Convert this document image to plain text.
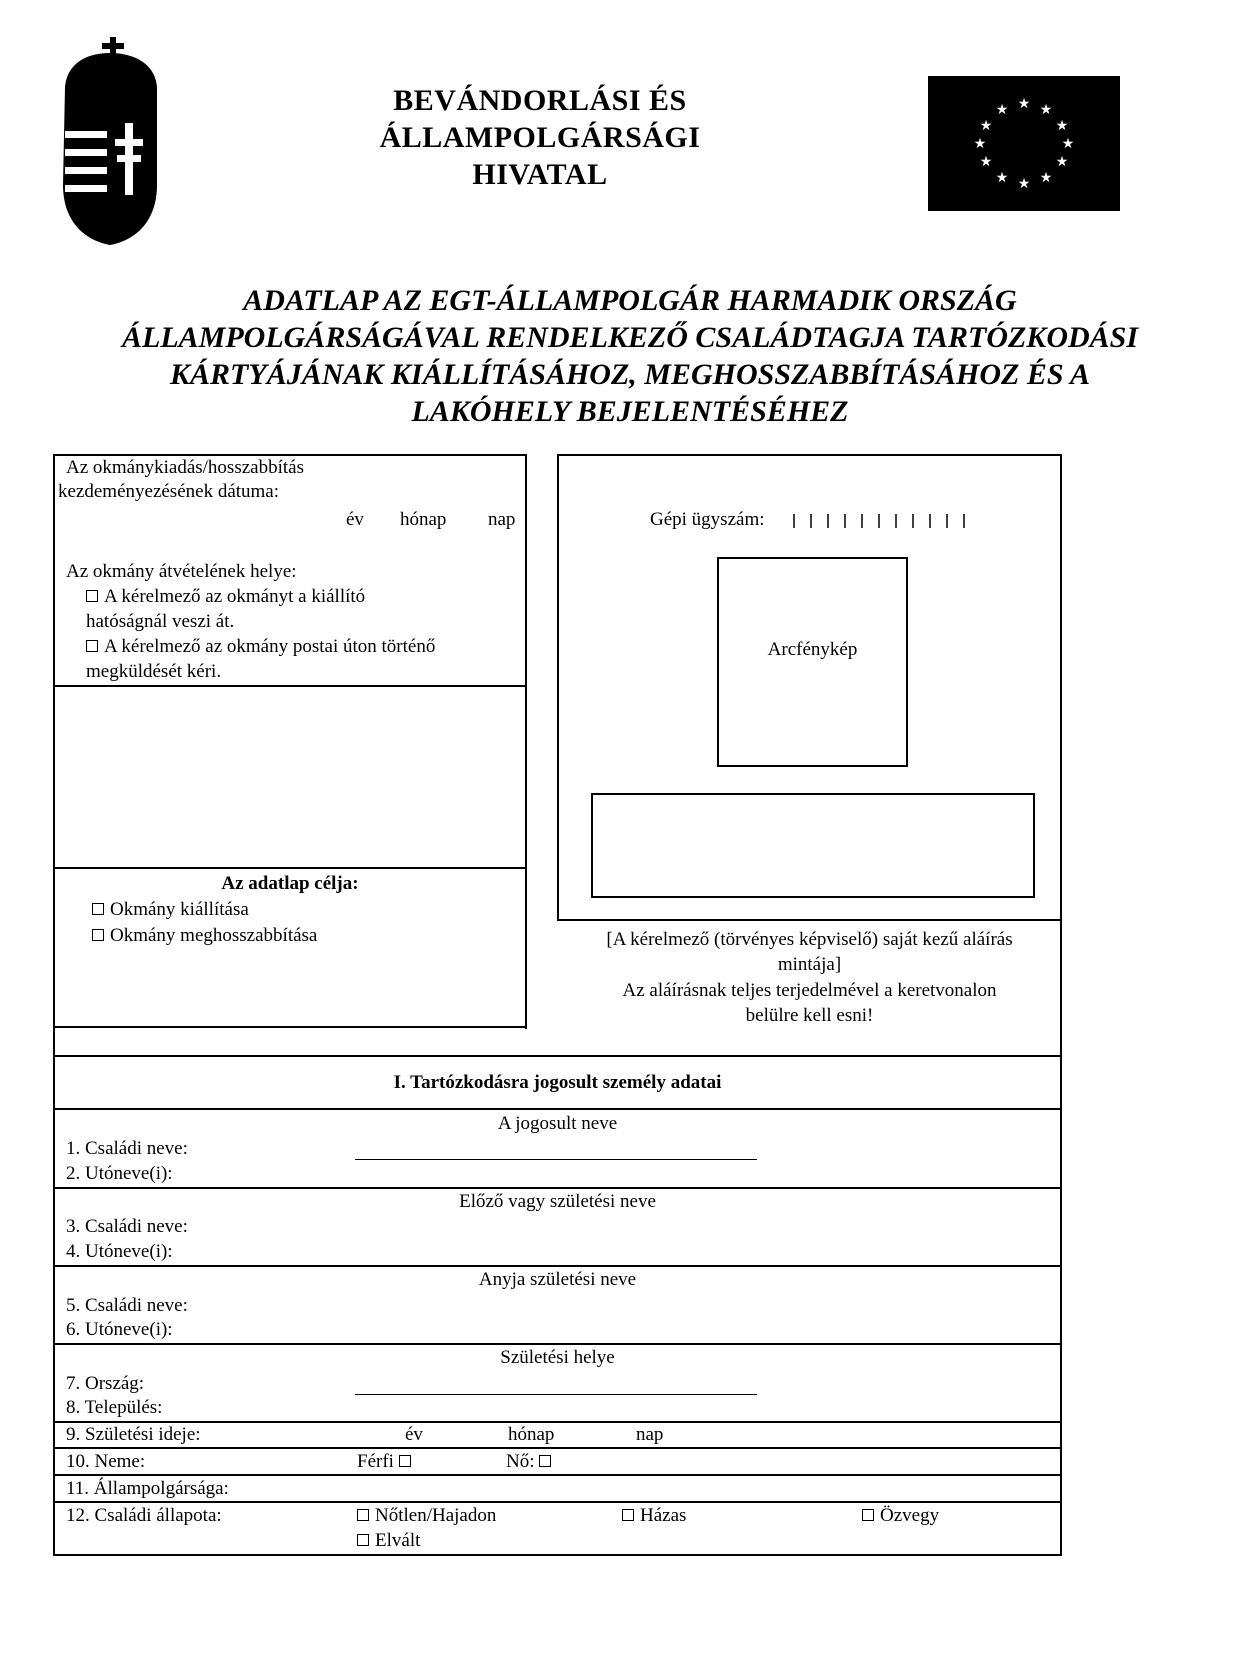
BEVÁNDORLÁSI ÉS
ÁLLAMPOLGÁRSÁGI
HIVATAL
★ ★
★
★
★
★
★
★
★
★
★
★
ADATLAP AZ EGT-ÁLLAMPOLGÁR HARMADIK ORSZÁG
ÁLLAMPOLGÁRSÁGÁVAL RENDELKEZŐ CSALÁDTAGJA TARTÓZKODÁSI
KÁRTYÁJÁNAK KIÁLLÍTÁSÁHOZ, MEGHOSSZABBÍTÁSÁHOZ ÉS A
LAKÓHELY BEJELENTÉSÉHEZ
Az okmánykiadás/hosszabbítás
kezdeményezésének dátuma:
év hónap nap
Az okmány átvételének helye:
A kérelmező az okmányt a kiállító
hatóságnál veszi át.
A kérelmező az okmány postai úton történő
megküldését kéri.
Az adatlap célja:
Okmány kiállítása
Okmány meghosszabbítása
Gépi ügyszám:
Arcfénykép
[A kérelmező (törvényes képviselő) saját kezű aláírás
mintája]
Az aláírásnak teljes terjedelmével a keretvonalon
belülre kell esni!
I. Tartózkodásra jogosult személy adatai
A jogosult neve
1. Családi neve:
2. Utóneve(i):
Előző vagy születési neve
3. Családi neve:
4. Utóneve(i):
Anyja születési neve
5. Családi neve:
6. Utóneve(i):
Születési helye
7. Ország:
8. Település:
9. Születési ideje:	év	hónap	nap
10. Neme:	Férfi	Nő:
11. Állampolgársága:
12. Családi állapota:	Nőtlen/Hajadon	Házas	Özvegy
Elvált
